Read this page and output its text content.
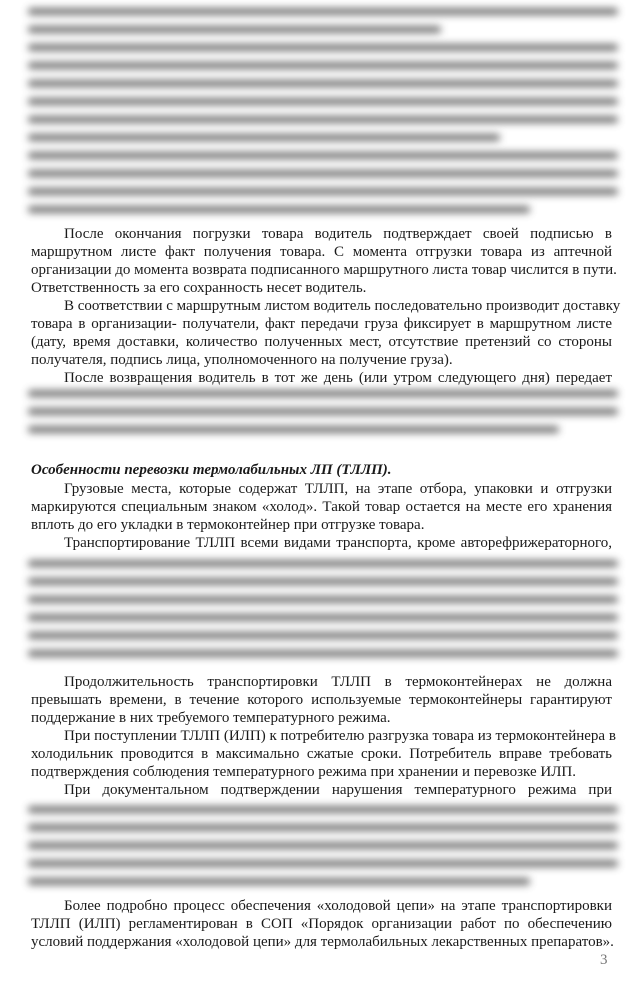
После окончания погрузки товара водитель подтверждает своей подписью в
маршрутном листе факт получения товара. С момента отгрузки товара из аптечной
организации до момента возврата подписанного маршрутного листа товар числится в пути.
Ответственность за его сохранность несет водитель.
В соответствии с маршрутным листом водитель последовательно производит доставку
товара в организации- получатели, факт передачи груза фиксирует в маршрутном листе
(дату, время доставки, количество полученных мест, отсутствие претензий со стороны
получателя, подпись лица, уполномоченного на получение груза).
После возвращения водитель в тот же день (или утром следующего дня) передает
Особенности перевозки термолабильных ЛП (ТЛЛП).
Грузовые места, которые содержат ТЛЛП, на этапе отбора, упаковки и отгрузки
маркируются специальным знаком «холод». Такой товар остается на месте его хранения
вплоть до его укладки в термоконтейнер при отгрузке товара.
Транспортирование ТЛЛП всеми видами транспорта, кроме авторефрижераторного,
Продолжительность транспортировки ТЛЛП в термоконтейнерах не должна
превышать времени, в течение которого используемые термоконтейнеры гарантируют
поддержание в них требуемого температурного режима.
При поступлении ТЛЛП (ИЛП) к потребителю разгрузка товара из термоконтейнера в
холодильник проводится в максимально сжатые сроки. Потребитель вправе требовать
подтверждения соблюдения температурного режима при хранении и перевозке ИЛП.
При документальном подтверждении нарушения температурного режима при
Более подробно процесс обеспечения «холодовой цепи» на этапе транспортировки
ТЛЛП (ИЛП) регламентирован в СОП «Порядок организации работ по обеспечению
условий поддержания «холодовой цепи» для термолабильных лекарственных препаратов».
3
